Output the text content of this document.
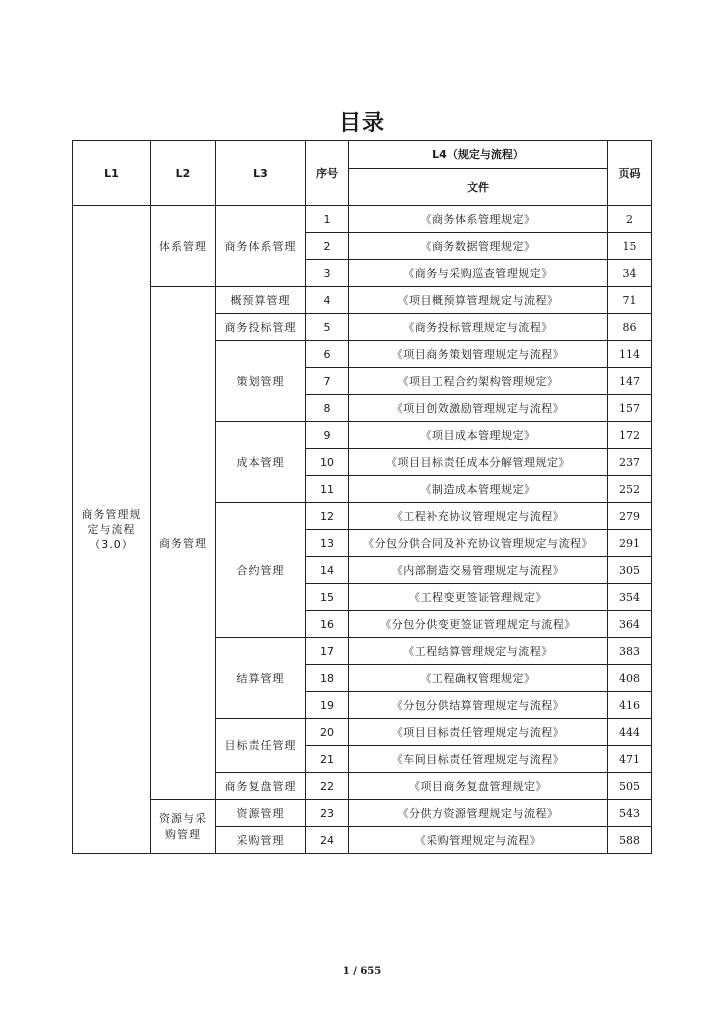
目录
L1	L2	L3	序号	L4（规定与流程）	页码
				文件	

商务管理规定与流程（3.0）	体系管理	商务体系管理	1	《商务体系管理规定》	2
			2	《商务数据管理规定》	15
			3	《商务与采购巡查管理规定》	34
	商务管理	概预算管理	4	《项目概预算管理规定与流程》	71
		商务投标管理	5	《商务投标管理规定与流程》	86
		策划管理	6	《项目商务策划管理规定与流程》	114
			7	《项目工程合约架构管理规定》	147
			8	《项目创效激励管理规定与流程》	157
		成本管理	9	《项目成本管理规定》	172
			10	《项目目标责任成本分解管理规定》	237
			11	《制造成本管理规定》	252
		合约管理	12	《工程补充协议管理规定与流程》	279
			13	《分包分供合同及补充协议管理规定与流程》	291
			14	《内部制造交易管理规定与流程》	305
			15	《工程变更签证管理规定》	354
			16	《分包分供变更签证管理规定与流程》	364
		结算管理	17	《工程结算管理规定与流程》	383
			18	《工程确权管理规定》	408
			19	《分包分供结算管理规定与流程》	416
		目标责任管理	20	《项目目标责任管理规定与流程》	444
			21	《车间目标责任管理规定与流程》	471
		商务复盘管理	22	《项目商务复盘管理规定》	505

	资源与采购管理	资源管理	23	《分供方资源管理规定与流程》	543
		采购管理	24	《采购管理规定与流程》	588
1 / 655
